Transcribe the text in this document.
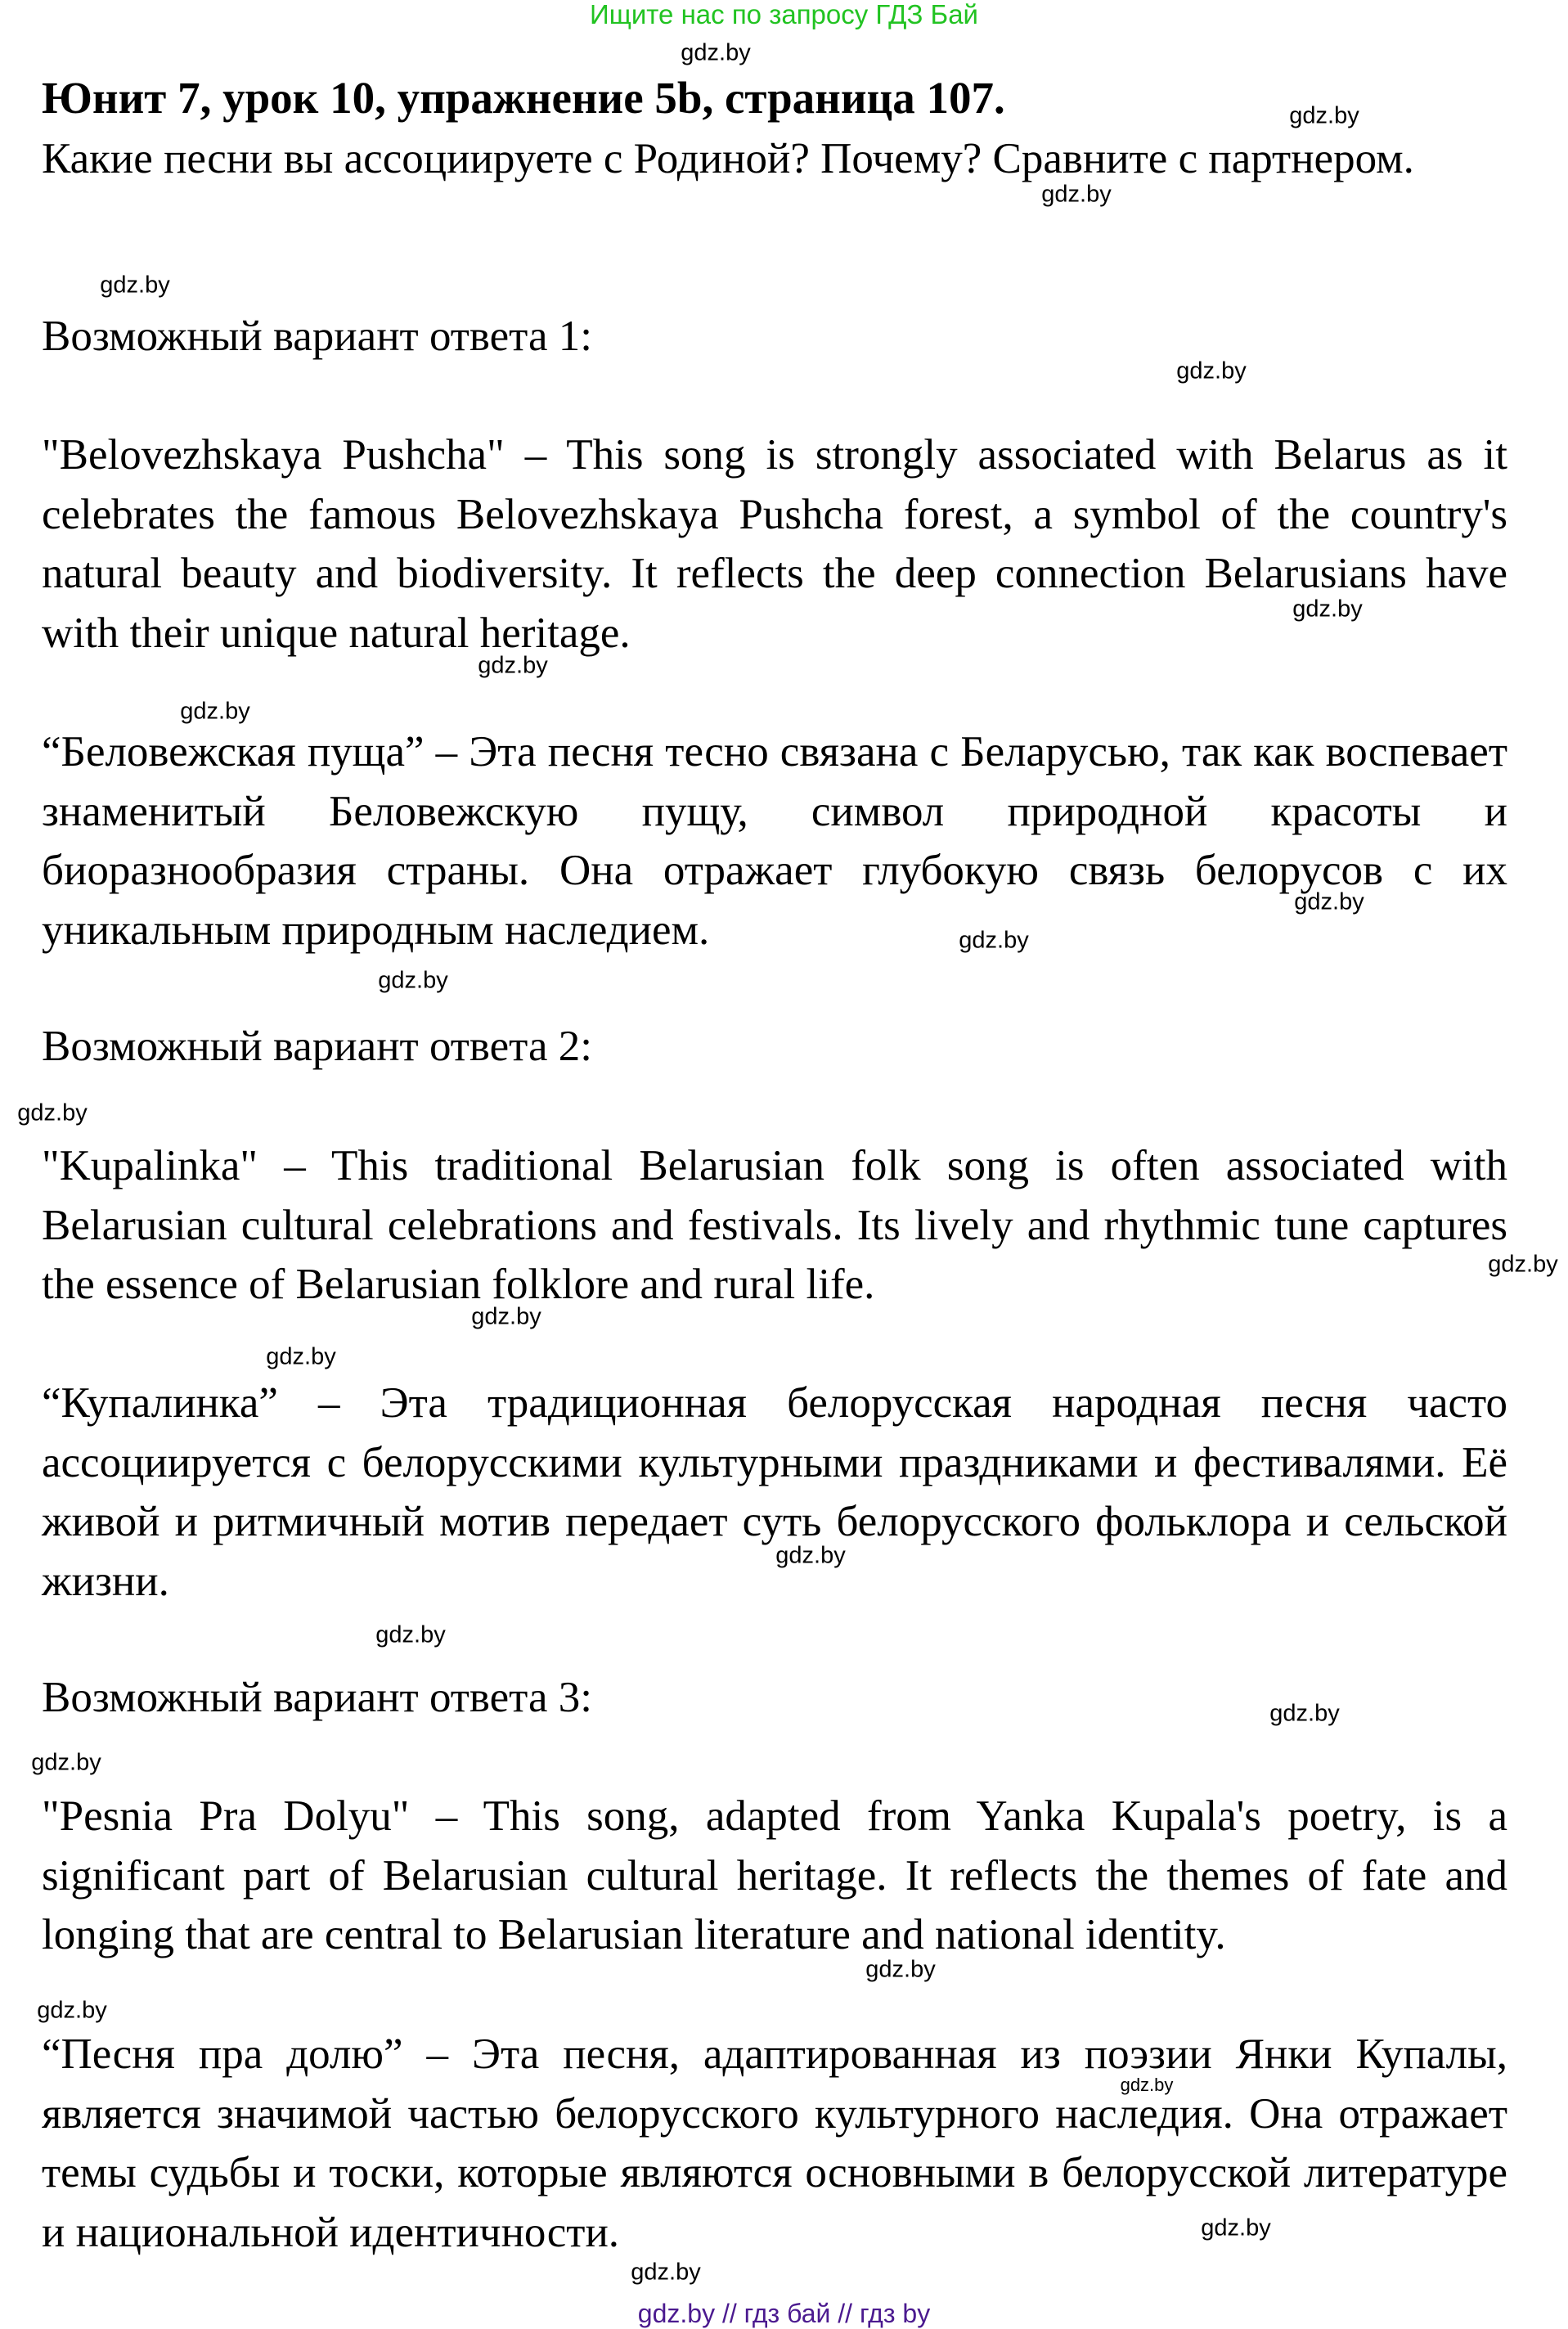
Ищите нас по запросу ГДЗ Бай
Юнит 7, урок 10, упражнение 5b, страница 107.
Какие песни вы ассоциируете с Родиной? Почему? Сравните с партнером.
Возможный вариант ответа 1:
"Belovezhskaya Pushcha" – This song is strongly associated with Belarus as it celebrates the famous Belovezhskaya Pushcha forest, a symbol of the country's natural beauty and biodiversity. It reflects the deep connection Belarusians have with their unique natural heritage.
“Беловежская пуща” – Эта песня тесно связана с Беларусью, так как воспевает знаменитый Беловежскую пущу, символ природной красоты и биоразнообразия страны. Она отражает глубокую связь белорусов с их уникальным природным наследием.
Возможный вариант ответа 2:
"Kupalinka" – This traditional Belarusian folk song is often associated with Belarusian cultural celebrations and festivals. Its lively and rhythmic tune captures the essence of Belarusian folklore and rural life.
“Купалинка” – Эта традиционная белорусская народная песня часто ассоциируется с белорусскими культурными праздниками и фестивалями. Её живой и ритмичный мотив передает суть белорусского фольклора и сельской жизни.
Возможный вариант ответа 3:
"Pesnia Pra Dolyu" – This song, adapted from Yanka Kupala's poetry, is a significant part of Belarusian cultural heritage. It reflects the themes of fate and longing that are central to Belarusian literature and national identity.
“Песня пра долю” – Эта песня, адаптированная из поэзии Янки Купалы, является значимой частью белорусского культурного наследия. Она отражает темы судьбы и тоски, которые являются основными в белорусской литературе и национальной идентичности.
gdz.by
gdz.by
gdz.by
gdz.by
gdz.by
gdz.by
gdz.by
gdz.by
gdz.by
gdz.by
gdz.by
gdz.by
gdz.by
gdz.by
gdz.by
gdz.by
gdz.by
gdz.by
gdz.by
gdz.by
gdz.by
gdz.by
gdz.by
gdz.by
gdz.by // гдз бай // гдз by
